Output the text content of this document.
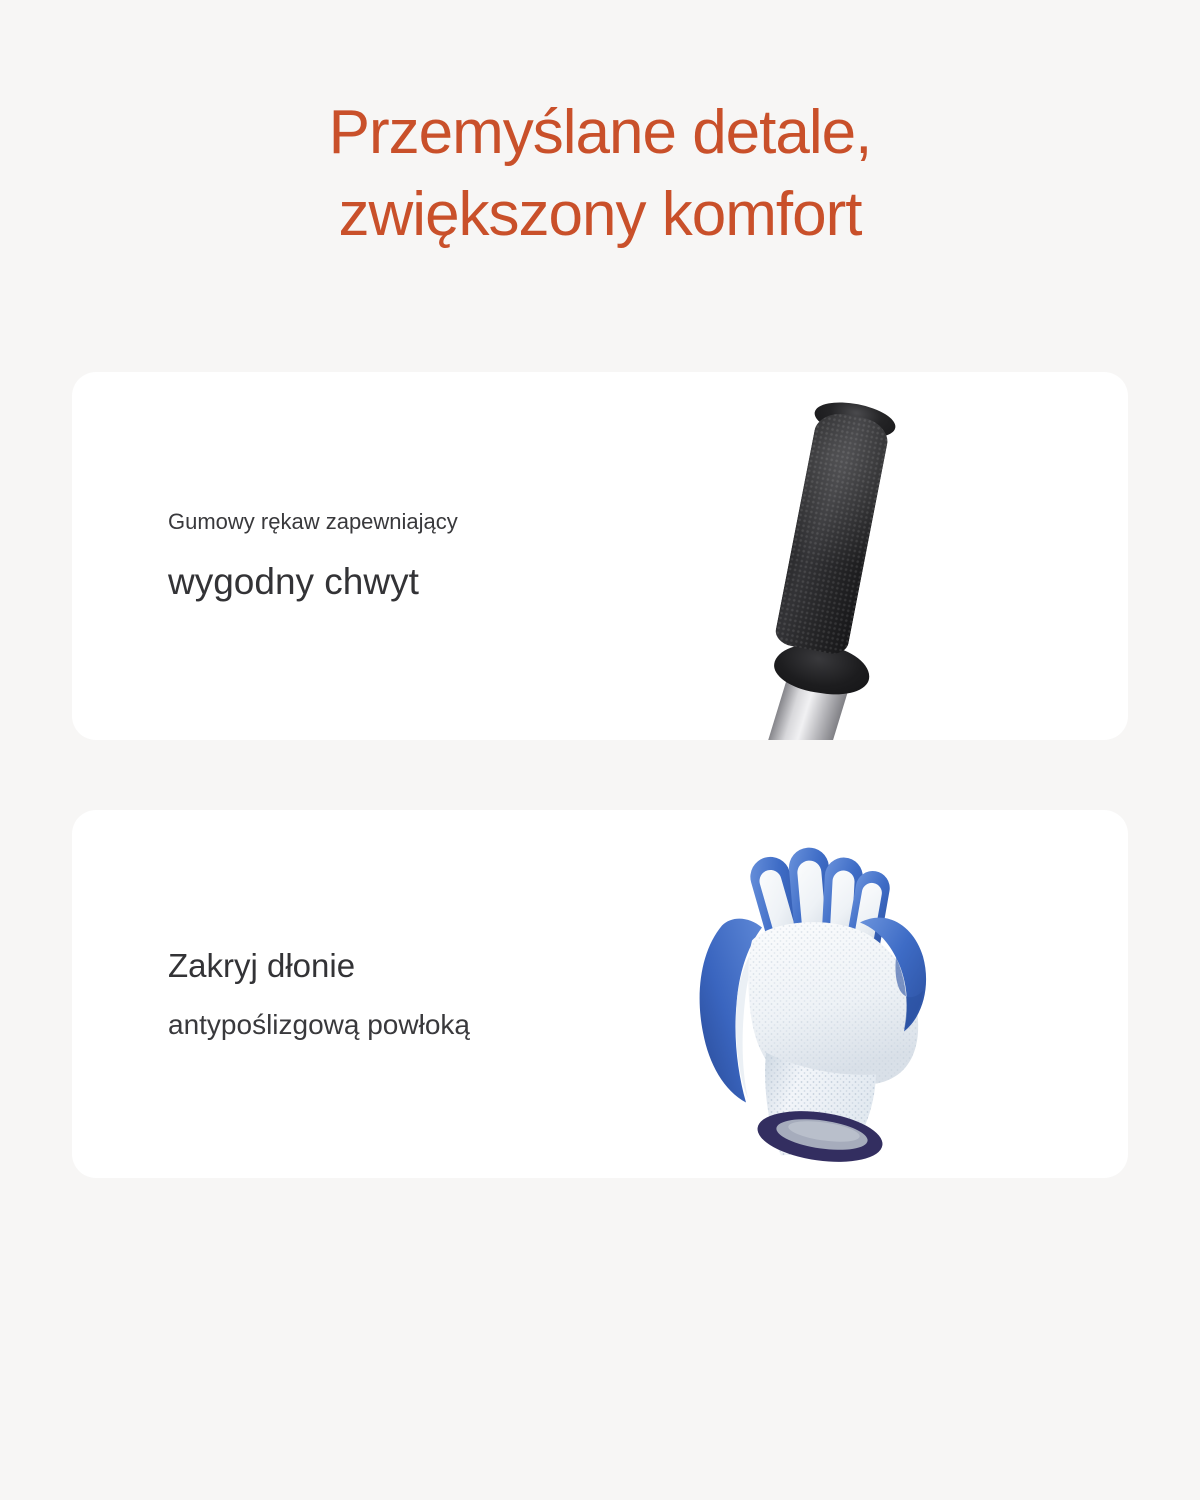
Przemyślane detale,
zwiększony komfort

Gumowy rękaw zapewniający

wygodny chwyt

Zakryj dłonie

antypoślizgową powłoką
